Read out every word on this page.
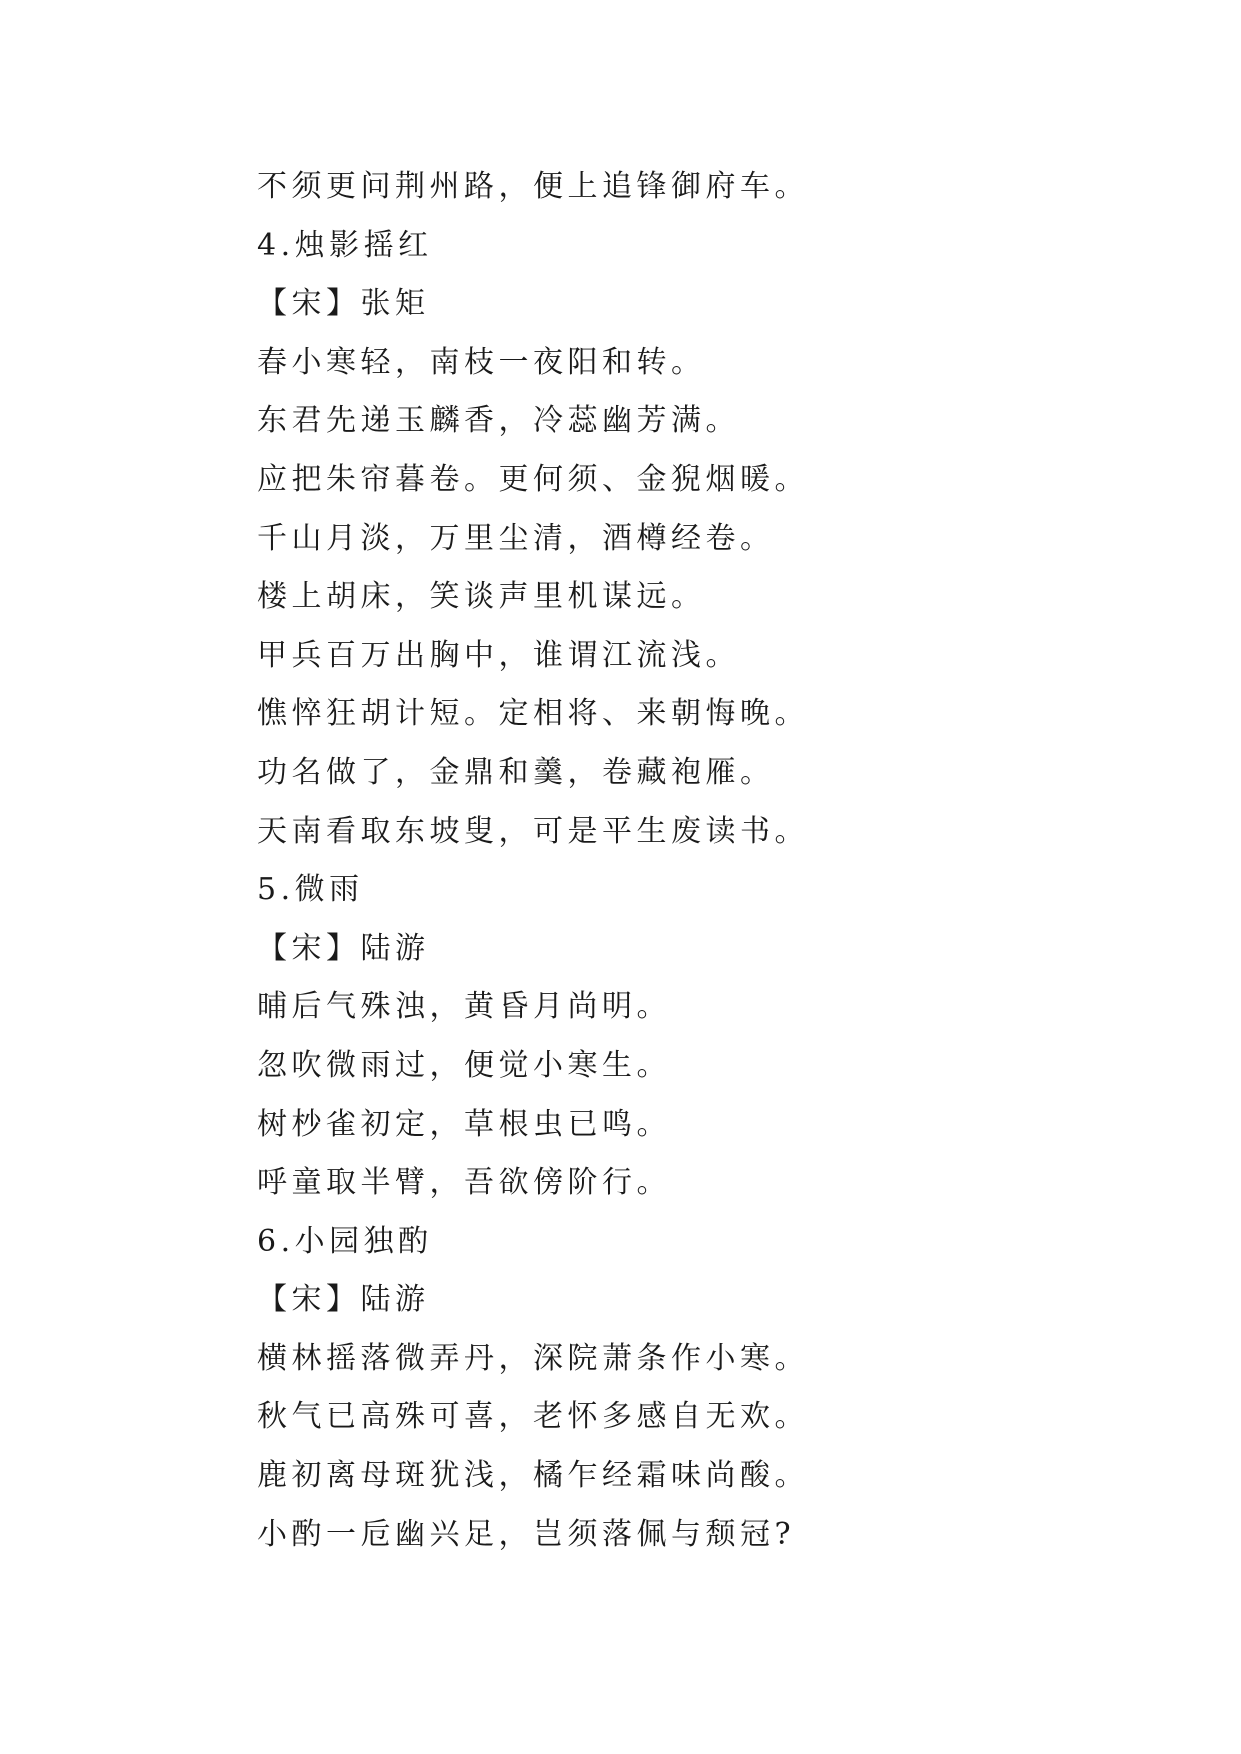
不须更问荆州路，便上追锋御府车。
4.烛影摇红
【宋】张矩
春小寒轻，南枝一夜阳和转。
东君先递玉麟香，冷蕊幽芳满。
应把朱帘暮卷。更何须、金猊烟暖。
千山月淡，万里尘清，酒樽经卷。
楼上胡床，笑谈声里机谋远。
甲兵百万出胸中，谁谓江流浅。
憔悴狂胡计短。定相将、来朝悔晚。
功名做了，金鼎和羹，卷藏袍雁。
天南看取东坡叟，可是平生废读书。
5.微雨
【宋】陆游
晡后气殊浊，黄昏月尚明。
忽吹微雨过，便觉小寒生。
树杪雀初定，草根虫已鸣。
呼童取半臂，吾欲傍阶行。
6.小园独酌
【宋】陆游
横林摇落微弄丹，深院萧条作小寒。
秋气已高殊可喜，老怀多感自无欢。
鹿初离母斑犹浅，橘乍经霜味尚酸。
小酌一卮幽兴足，岂须落佩与颓冠?
